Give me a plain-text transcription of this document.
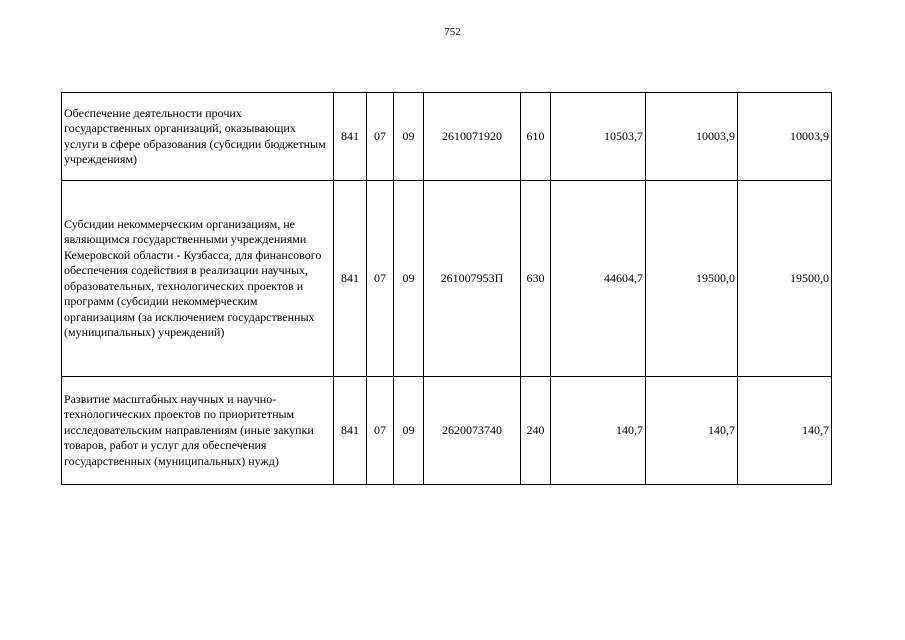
752
Обеспечение деятельности прочих государственных организаций, оказывающих услуги в сфере образования (субсидии бюджетным учреждениям)	841	07	09	2610071920	610	10503,7	10003,9	10003,9
Субсидии некоммерческим организациям, не являющимся государственными учреждениями Кемеровской области - Кузбасса, для финансового обеспечения содействия в реализации научных, образовательных, технологических проектов и программ (субсидии некоммерческим организациям (за исключением государственных (муниципальных) учреждений)	841	07	09	261007953П	630	44604,7	19500,0	19500,0
Развитие масштабных научных и научно-технологических проектов по приоритетным исследовательским направлениям (иные закупки товаров, работ и услуг для обеспечения государственных (муниципальных) нужд)	841	07	09	2620073740	240	140,7	140,7	140,7
